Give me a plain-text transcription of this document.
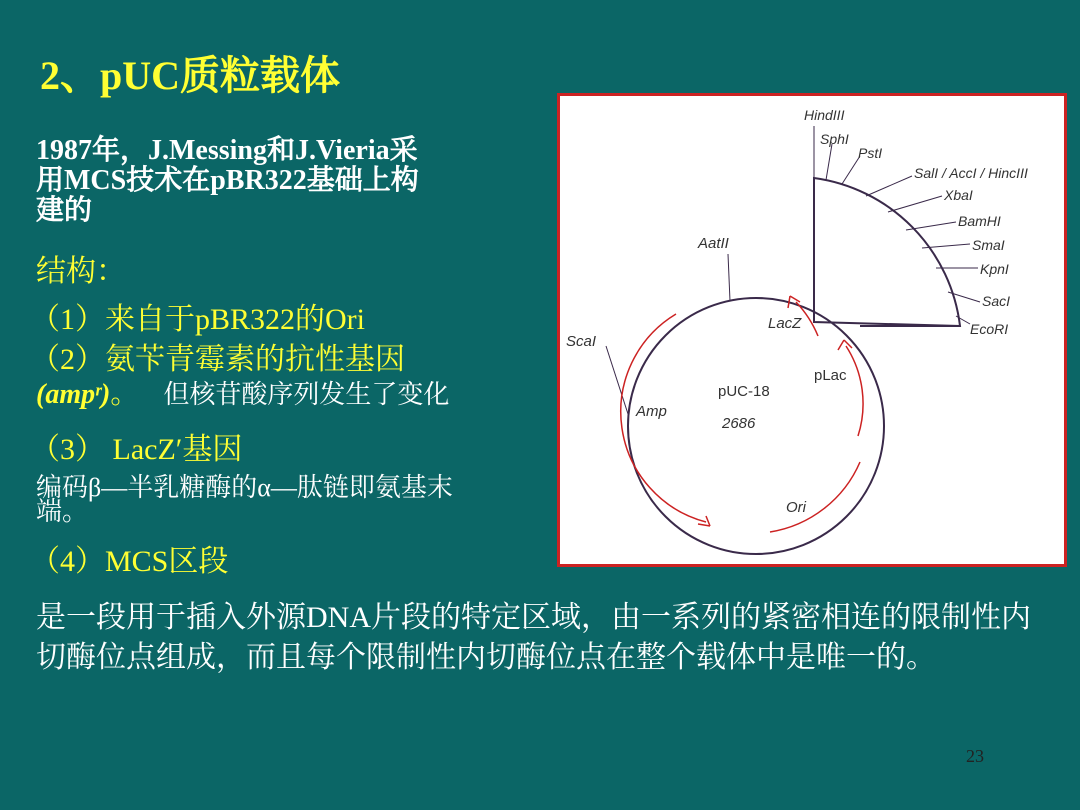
2、pUC质粒载体
1987年，J.Messing和J.Vieria采
用MCS技术在pBR322基础上构
建的
结构：
（1）来自于pBR322的Ori
（2）氨苄青霉素的抗性基因
(ampʳ)。 但核苷酸序列发生了变化
（3） LacZ′基因
编码β—半乳糖酶的α—肽链即氨基末
端。
（4）MCS区段
是一段用于插入外源DNA片段的特定区域，由一系列的紧密相连的限制性内切酶位点组成，而且每个限制性内切酶位点在整个载体中是唯一的。
23
HindIII
SphI
PstI
SalI / AccI / HincIII
XbaI
BamHI
SmaI
KpnI
SacI
EcoRI
AatII
ScaI
LacZ
pLac
Amp
Ori
pUC-18
2686
